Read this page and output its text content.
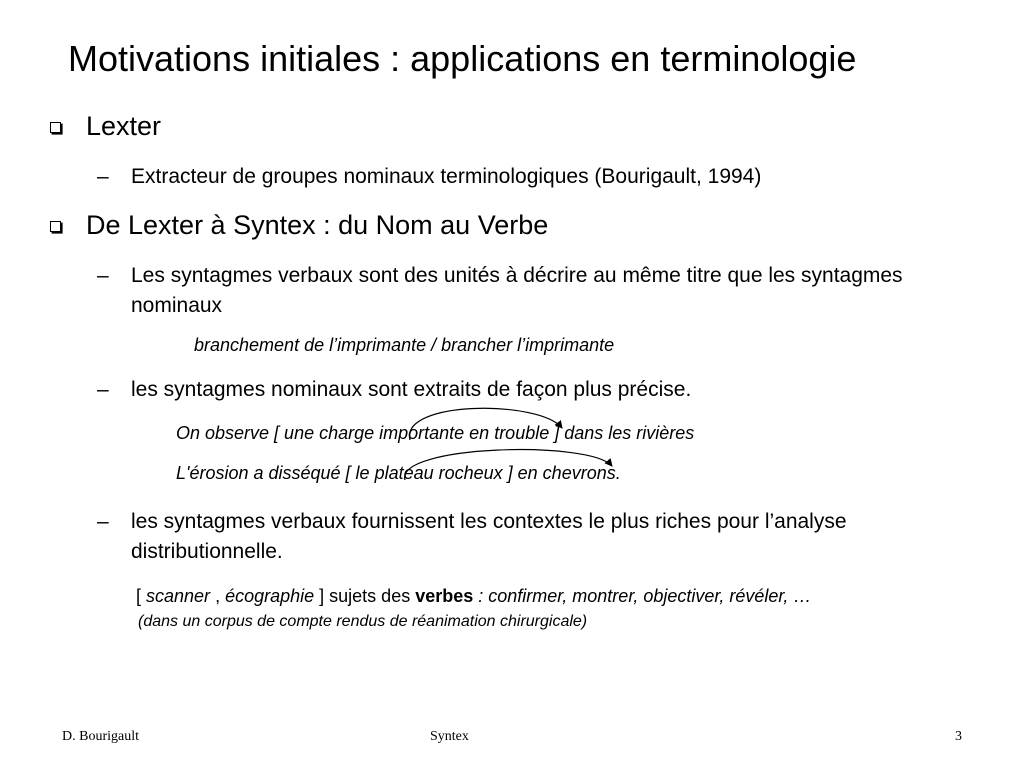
Motivations initiales : applications en terminologie
Lexter
– Extracteur de groupes nominaux terminologiques (Bourigault, 1994)
De Lexter à Syntex : du Nom au Verbe
– Les syntagmes verbaux sont des unités à décrire au même titre que les syntagmes nominaux
branchement de l’imprimante / brancher l’imprimante
– les syntagmes nominaux sont extraits de façon plus précise.
On observe [ une charge importante en trouble ] dans les rivières
L'érosion a disséqué [ le plateau rocheux ] en chevrons.
– les syntagmes verbaux fournissent les contextes le plus riches pour l’analyse distributionnelle.
[ scanner , écographie ] sujets des verbes : confirmer, montrer, objectiver, révéler, …
(dans un corpus de compte rendus de réanimation chirurgicale)
D. Bourigault	Syntex	3
